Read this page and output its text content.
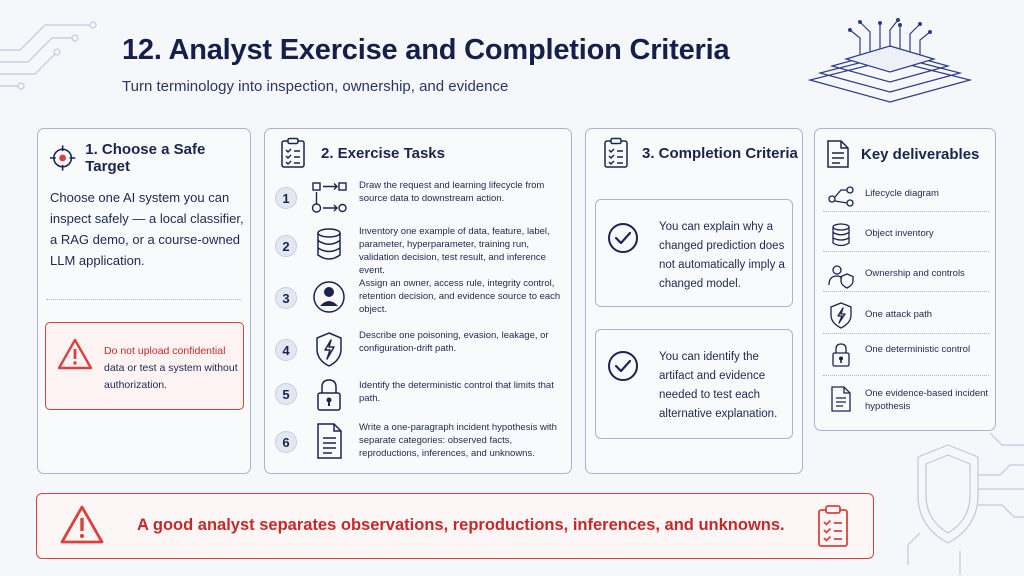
12. Analyst Exercise and Completion Criteria
Turn terminology into inspection, ownership, and evidence
1. Choose a Safe Target
Choose one AI system you can inspect safely — a local classifier, a RAG demo, or a course-owned LLM application.
Do not upload confidential data or test a system without authorization.
2. Exercise Tasks
1
Draw the request and learning lifecycle from source data to downstream action.
2
Inventory one example of data, feature, label, parameter, hyperparameter, training run, validation decision, test result, and inference event.
3
Assign an owner, access rule, integrity control, retention decision, and evidence source to each object.
4
Describe one poisoning, evasion, leakage, or configuration-drift path.
5
Identify the deterministic control that limits that path.
6
Write a one-paragraph incident hypothesis with separate categories: observed facts, reproductions, inferences, and unknowns.
3. Completion Criteria
You can explain why a changed prediction does not automatically imply a changed model.
You can identify the artifact and evidence needed to test each alternative explanation.
Key deliverables
Lifecycle diagram
Object inventory
Ownership and controls
One attack path
One deterministic control
One evidence-based incident hypothesis
A good analyst separates observations, reproductions, inferences, and unknowns.
